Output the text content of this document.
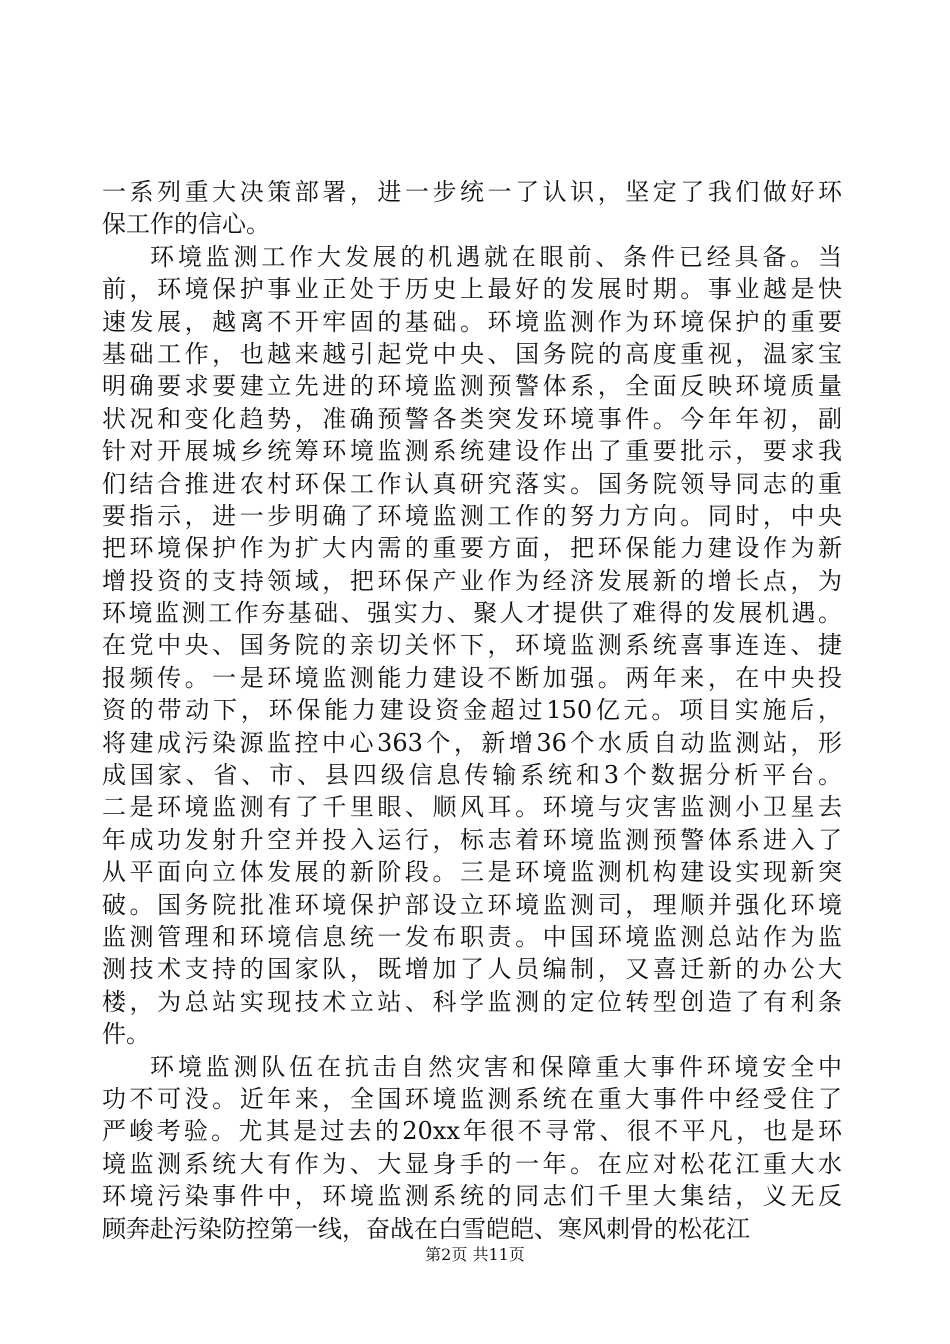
一系列重大决策部署，进一步统一了认识，坚定了我们做好环
保工作的信心。
环境监测工作大发展的机遇就在眼前、条件已经具备。当
前，环境保护事业正处于历史上最好的发展时期。事业越是快
速发展，越离不开牢固的基础。环境监测作为环境保护的重要
基础工作，也越来越引起党中央、国务院的高度重视，温家宝
明确要求要建立先进的环境监测预警体系，全面反映环境质量
状况和变化趋势，准确预警各类突发环境事件。今年年初，副
针对开展城乡统筹环境监测系统建设作出了重要批示，要求我
们结合推进农村环保工作认真研究落实。国务院领导同志的重
要指示，进一步明确了环境监测工作的努力方向。同时，中央
把环境保护作为扩大内需的重要方面，把环保能力建设作为新
增投资的支持领域，把环保产业作为经济发展新的增长点，为
环境监测工作夯基础、强实力、聚人才提供了难得的发展机遇。
在党中央、国务院的亲切关怀下，环境监测系统喜事连连、捷
报频传。一是环境监测能力建设不断加强。两年来，在中央投
资的带动下，环保能力建设资金超过150亿元。项目实施后，
将建成污染源监控中心363个，新增36个水质自动监测站，形
成国家、省、市、县四级信息传输系统和3个数据分析平台。
二是环境监测有了千里眼、顺风耳。环境与灾害监测小卫星去
年成功发射升空并投入运行，标志着环境监测预警体系进入了
从平面向立体发展的新阶段。三是环境监测机构建设实现新突
破。国务院批准环境保护部设立环境监测司，理顺并强化环境
监测管理和环境信息统一发布职责。中国环境监测总站作为监
测技术支持的国家队，既增加了人员编制，又喜迁新的办公大
楼，为总站实现技术立站、科学监测的定位转型创造了有利条
件。
环境监测队伍在抗击自然灾害和保障重大事件环境安全中
功不可没。近年来，全国环境监测系统在重大事件中经受住了
严峻考验。尤其是过去的20xx年很不寻常、很不平凡，也是环
境监测系统大有作为、大显身手的一年。在应对松花江重大水
环境污染事件中，环境监测系统的同志们千里大集结，义无反
顾奔赴污染防控第一线，奋战在白雪皑皑、寒风刺骨的松花江
第2页 共11页
